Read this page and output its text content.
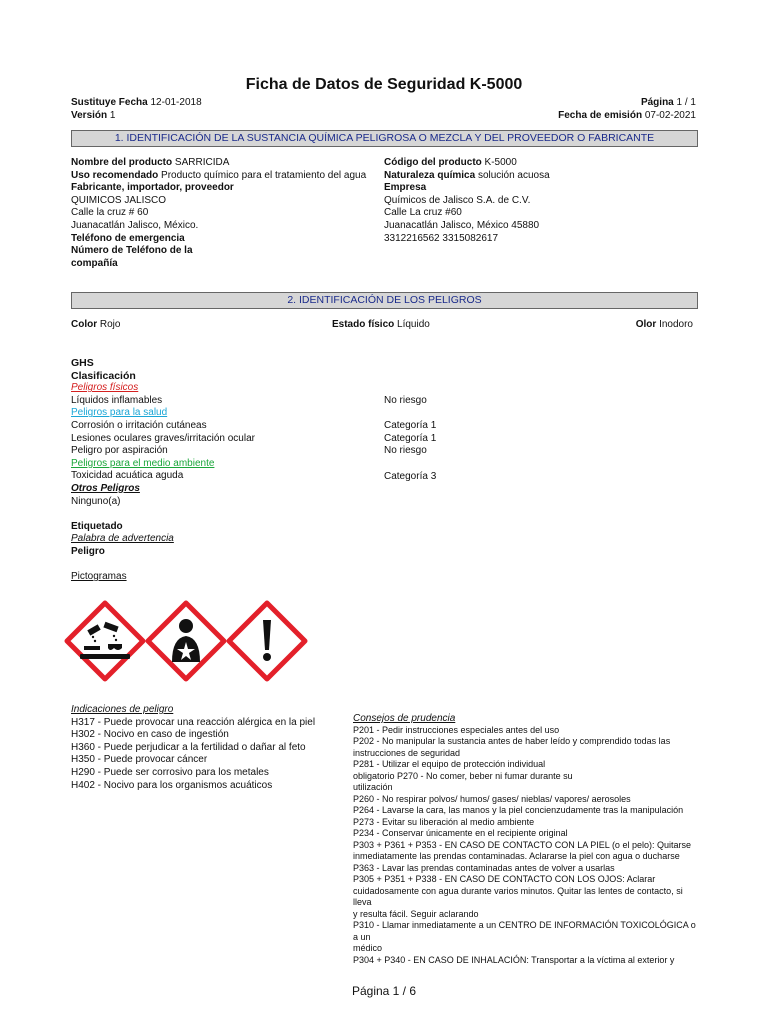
Ficha de Datos de Seguridad K-5000
Sustituye Fecha 12-01-2018
Versión 1
Página 1 / 1
Fecha de emisión 07-02-2021
1. IDENTIFICACIÓN DE LA SUSTANCIA QUÍMICA PELIGROSA O MEZCLA Y DEL PROVEEDOR O FABRICANTE
Nombre del producto SARRICIDA
Uso recomendado Producto químico para el tratamiento del agua
Fabricante, importador, proveedor
QUIMICOS JALISCO
Calle la cruz # 60
Juanacatlán Jalisco, México.
Teléfono de emergencia
Número de Teléfono de la
compañía
Código del producto K-5000
Naturaleza química solución acuosa
Empresa
Químicos de Jalisco S.A. de C.V.
Calle La cruz #60
Juanacatlán Jalisco, México 45880
3312216562 3315082617
2. IDENTIFICACIÓN DE LOS PELIGROS
Color Rojo	Estado físico Líquido	Olor Inodoro
GHS
Clasificación
Peligros físicos
Líquidos inflamables
Peligros para la salud
Corrosión o irritación cutáneas
Lesiones oculares graves/irritación ocular
Peligro por aspiración
Peligros para el medio ambiente
Toxicidad acuática aguda
Otros Peligros
Ninguno(a)
Etiquetado
Palabra de advertencia
Peligro
Pictogramas
No riesgo
Categoría 1
Categoría 1
No riesgo
Categoría 3
Indicaciones de peligro
H317 - Puede provocar una reacción alérgica en la piel
H302 - Nocivo en caso de ingestión
H360 - Puede perjudicar a la fertilidad o dañar al feto
H350 - Puede provocar cáncer
H290 - Puede ser corrosivo para los metales
H402 - Nocivo para los organismos acuáticos
Consejos de prudencia
P201 - Pedir instrucciones especiales antes del uso
P202 - No manipular la sustancia antes de haber leído y comprendido todas las
instrucciones de seguridad
P281 - Utilizar el equipo de protección individual
obligatorio P270 - No comer, beber ni fumar durante su
utilización
P260 - No respirar polvos/ humos/ gases/ nieblas/ vapores/ aerosoles
P264 - Lavarse la cara, las manos y la piel concienzudamente tras la manipulación
P273 - Evitar su liberación al medio ambiente
P234 - Conservar únicamente en el recipiente original
P303 + P361 + P353 - EN CASO DE CONTACTO CON LA PIEL (o el pelo): Quitarse
inmediatamente las prendas contaminadas. Aclararse la piel con agua o ducharse
P363 - Lavar las prendas contaminadas antes de volver a usarlas
P305 + P351 + P338 - EN CASO DE CONTACTO CON LOS OJOS: Aclarar
cuidadosamente con agua durante varios minutos. Quitar las lentes de contacto, si lleva
y resulta fácil. Seguir aclarando
P310 - Llamar inmediatamente a un CENTRO DE INFORMACIÓN TOXICOLÓGICA o a un
médico
P304 + P340 - EN CASO DE INHALACIÓN: Transportar a la víctima al exterior y
Página 1 / 6
